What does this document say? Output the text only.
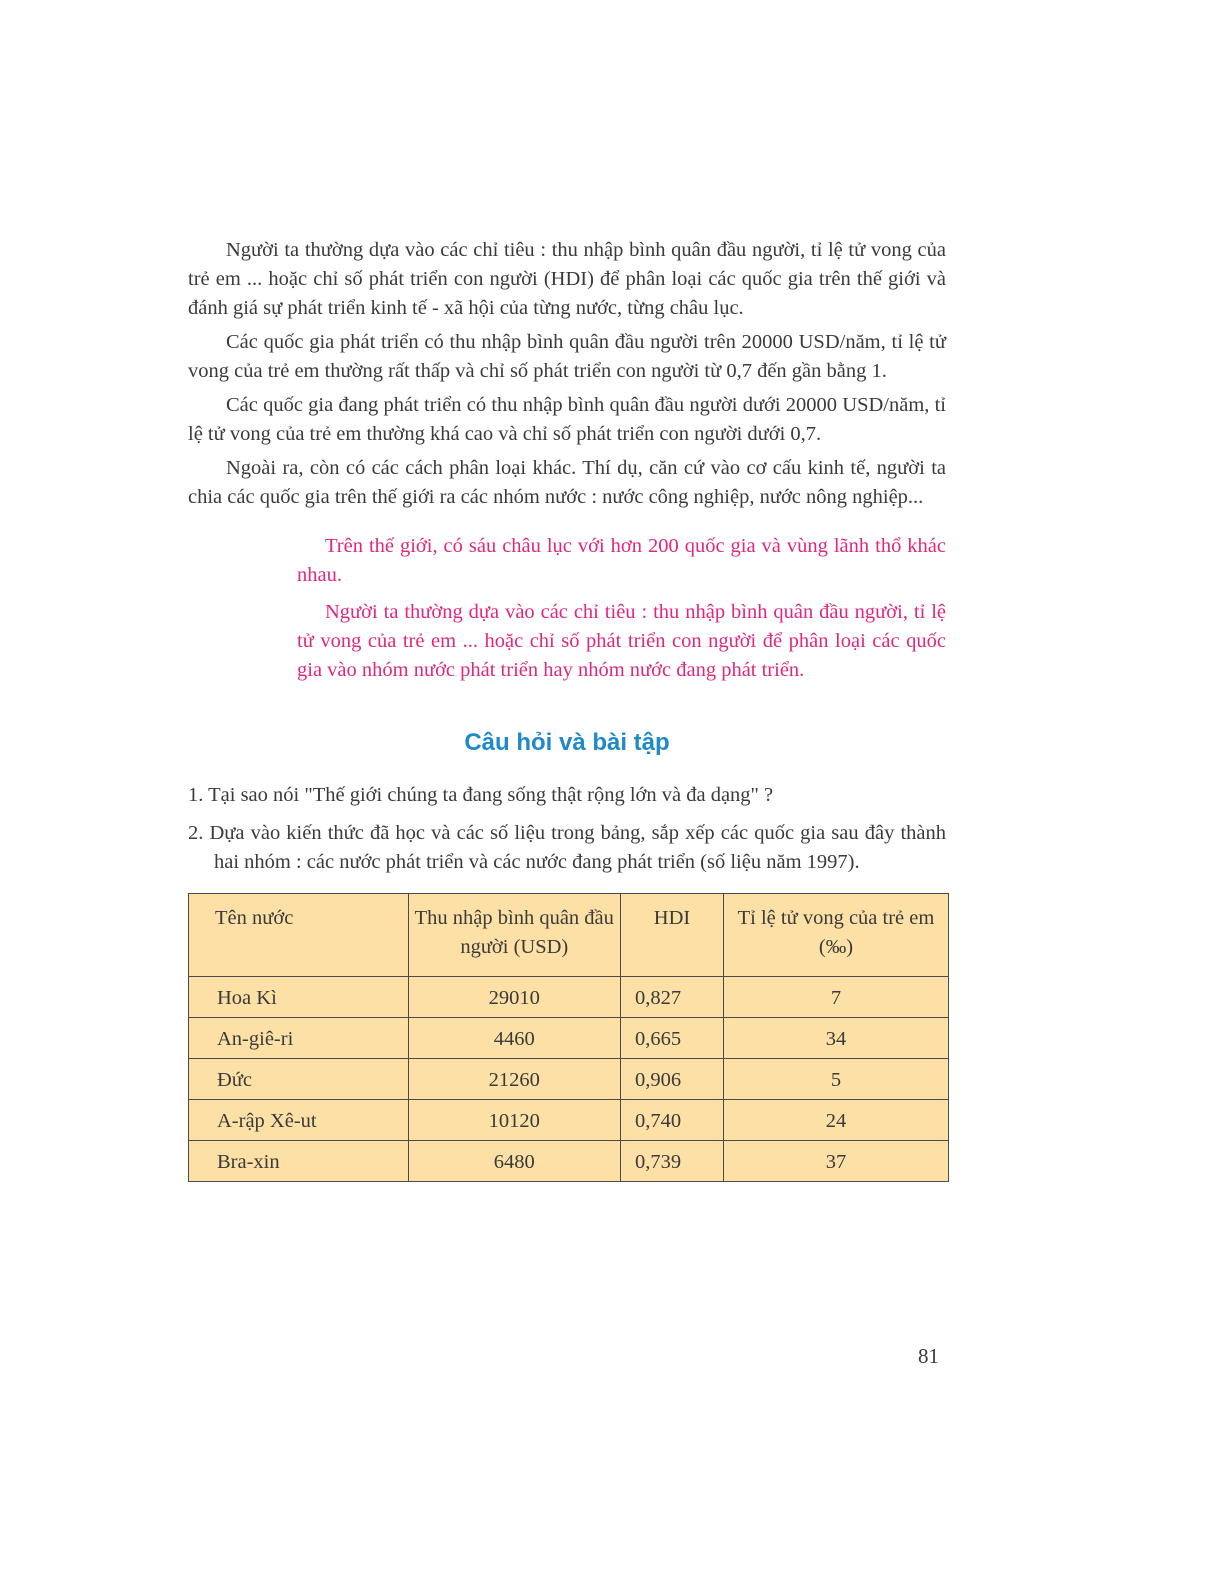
Người ta thường dựa vào các chỉ tiêu : thu nhập bình quân đầu người, tỉ lệ tử vong của trẻ em ... hoặc chỉ số phát triển con người (HDI) để phân loại các quốc gia trên thế giới và đánh giá sự phát triển kinh tế - xã hội của từng nước, từng châu lục.

Các quốc gia phát triển có thu nhập bình quân đầu người trên 20000 USD/năm, tỉ lệ tử vong của trẻ em thường rất thấp và chỉ số phát triển con người từ 0,7 đến gần bằng 1.

Các quốc gia đang phát triển có thu nhập bình quân đầu người dưới 20000 USD/năm, tỉ lệ tử vong của trẻ em thường khá cao và chỉ số phát triển con người dưới 0,7.

Ngoài ra, còn có các cách phân loại khác. Thí dụ, căn cứ vào cơ cấu kinh tế, người ta chia các quốc gia trên thế giới ra các nhóm nước : nước công nghiệp, nước nông nghiệp...

Trên thế giới, có sáu châu lục với hơn 200 quốc gia và vùng lãnh thổ khác nhau.

Người ta thường dựa vào các chỉ tiêu : thu nhập bình quân đầu người, tỉ lệ tử vong của trẻ em ... hoặc chỉ số phát triển con người để phân loại các quốc gia vào nhóm nước phát triển hay nhóm nước đang phát triển.

Câu hỏi và bài tập

1. Tại sao nói "Thế giới chúng ta đang sống thật rộng lớn và đa dạng" ?

2. Dựa vào kiến thức đã học và các số liệu trong bảng, sắp xếp các quốc gia sau đây thành hai nhóm : các nước phát triển và các nước đang phát triển (số liệu năm 1997).

Tên nước	Thu nhập bình quân đầu người (USD)	HDI	Tỉ lệ tử vong của trẻ em (‰)
Hoa Kì	29010	0,827	7
An-giê-ri	4460	0,665	34
Đức	21260	0,906	5
A-rập Xê-ut	10120	0,740	24
Bra-xin	6480	0,739	37
81
